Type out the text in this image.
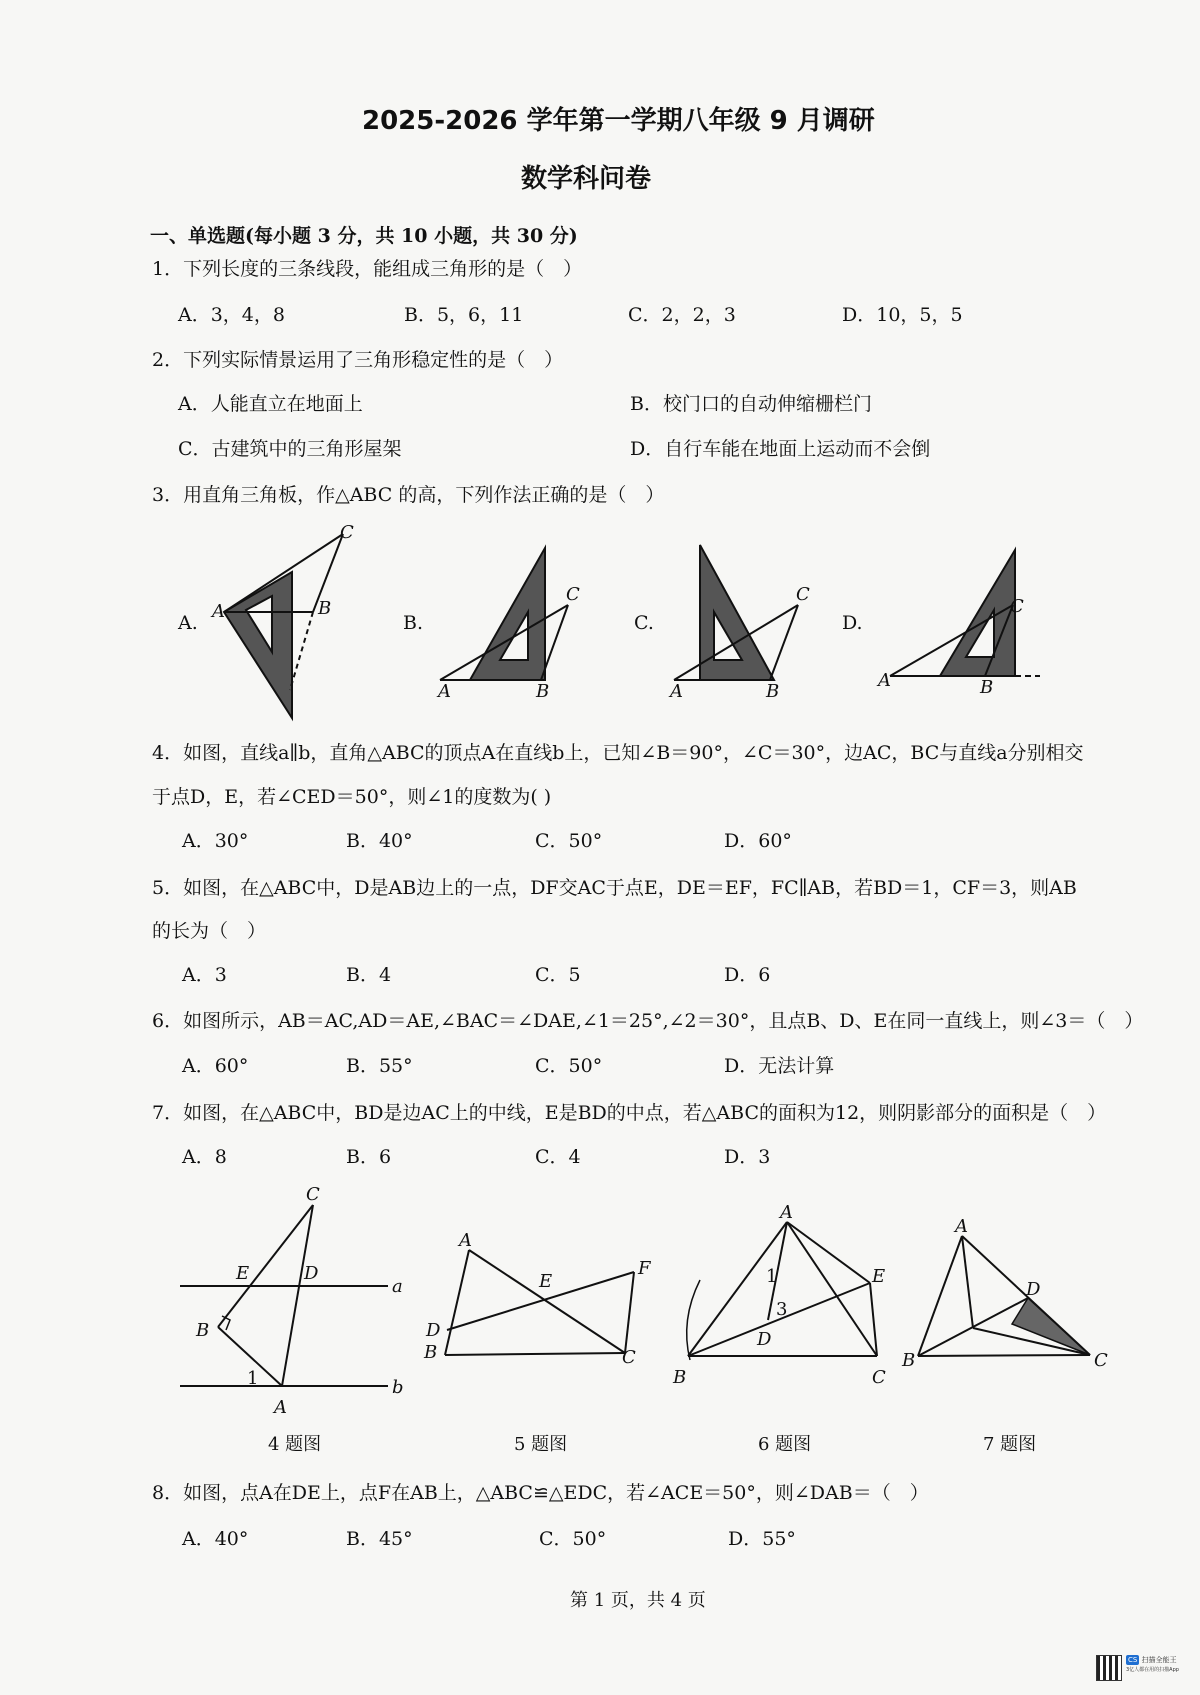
2025-2026 学年第一学期八年级 9 月调研
数学科问卷
一、单选题(每小题 3 分，共 10 小题，共 30 分)
1．下列长度的三条线段，能组成三角形的是（　）
A．3，4，8	B．5，6，11	C．2，2，3	D．10，5，5
2．下列实际情景运用了三角形稳定性的是（　）
A．人能直立在地面上	B．校门口的自动伸缩栅栏门
C．古建筑中的三角形屋架	D．自行车能在地面上运动而不会倒
3．用直角三角板，作△ABC 的高，下列作法正确的是（　）
A.	B.	C.	D.
A	B
C
A	B
C
A	B
C
A	B
C
4．如图，直线a∥b，直角△ABC的顶点A在直线b上，已知∠B＝90°，∠C＝30°，边AC，BC与直线a分别相交
于点D，E，若∠CED＝50°，则∠1的度数为( )
A．30°	B．40°	C．50°	D．60°
5．如图，在△ABC中，D是AB边上的一点，DF交AC于点E，DE＝EF，FC∥AB，若BD＝1，CF＝3，则AB
的长为（　）
A．3	B．4	C．5	D．6
6．如图所示，AB＝AC,AD＝AE,∠BAC＝∠DAE,∠1＝25°,∠2＝30°，且点B、D、E在同一直线上，则∠3＝（　）
A．60°	B．55°	C．50°	D．无法计算
7．如图，在△ABC中，BD是边AC上的中线，E是BD的中点，若△ABC的面积为12，则阴影部分的面积是（　）
A．8	B．6	C．4	D．3
C
E	D
B
a
b
1
A
A
E
F
D
B	C
A
E
D
B	C
1
3
A
D
B	C
4 题图	5 题图	6 题图	7 题图
8．如图，点A在DE上，点F在AB上，△ABC≌△EDC，若∠ACE＝50°，则∠DAB＝（　）
A．40°	B．45°	C．50°	D．55°
第 1 页，共 4 页
CS 扫描全能王
3亿人都在用的扫描App
